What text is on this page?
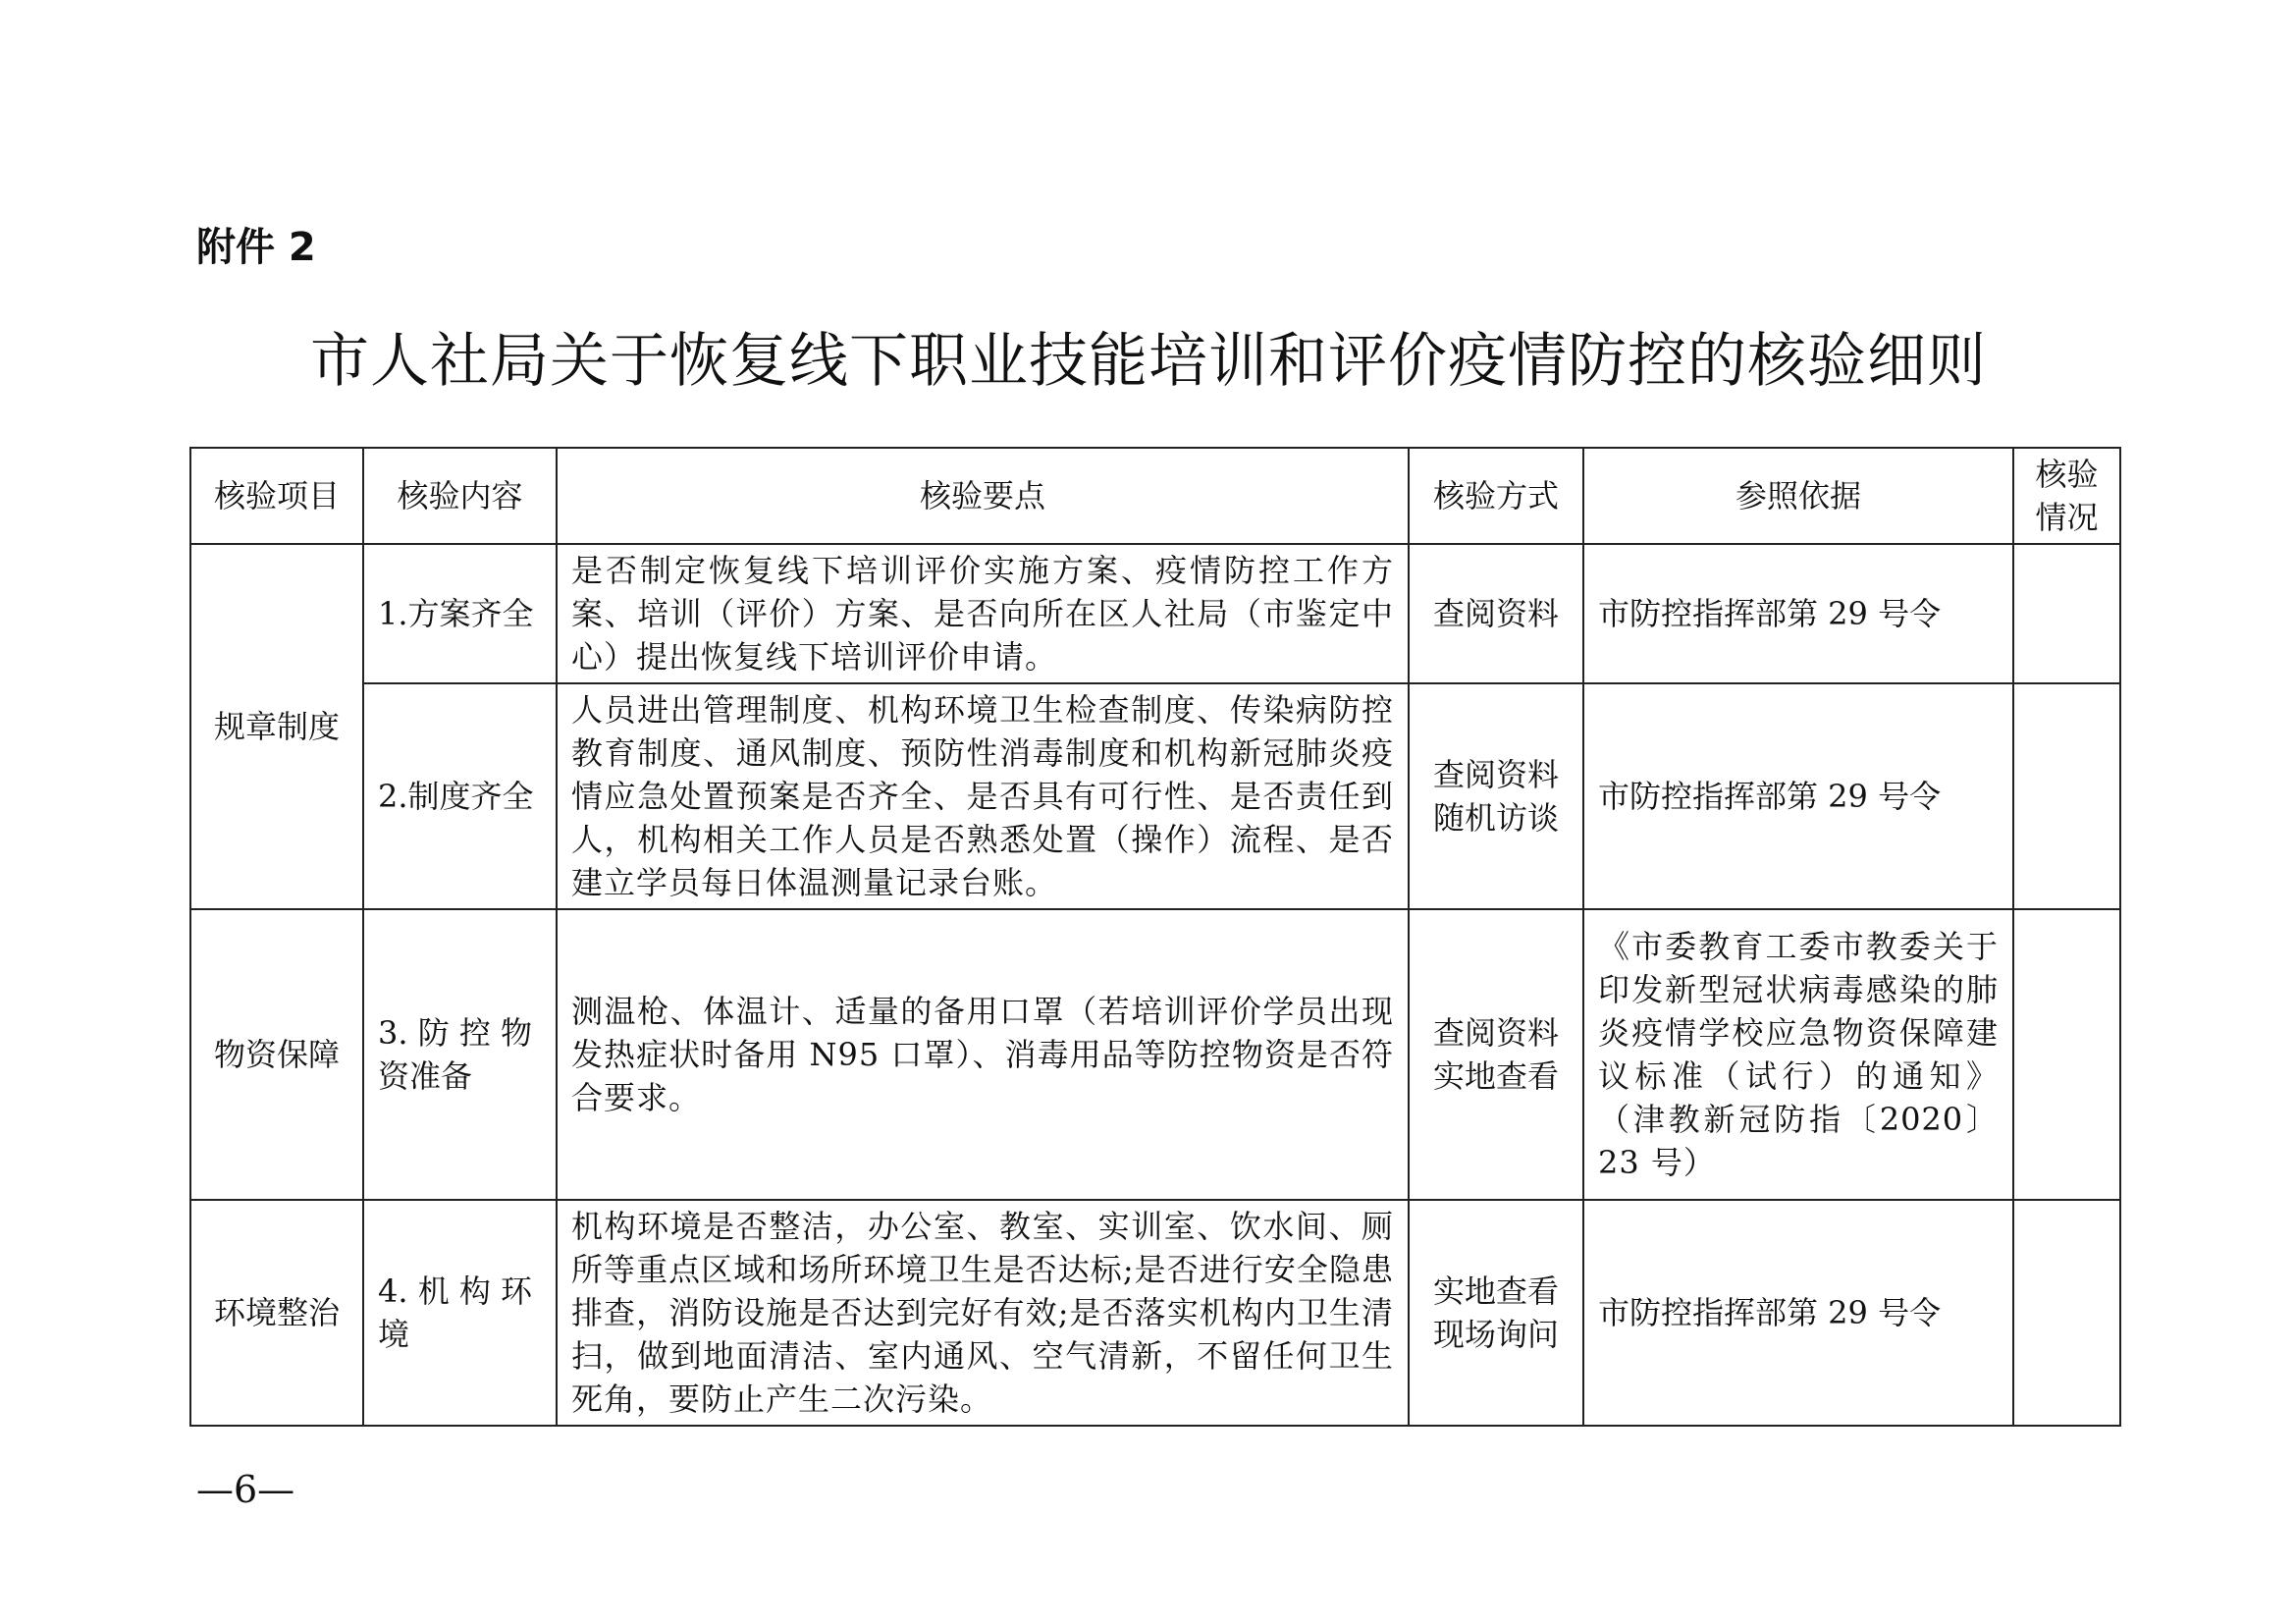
附件 2
市人社局关于恢复线下职业技能培训和评价疫情防控的核验细则
核验项目	核验内容	核验要点	核验方式	参照依据	核验情况
规章制度	1.方案齐全	是否制定恢复线下培训评价实施方案、疫情防控工作方案、培训（评价）方案、是否向所在区人社局（市鉴定中心）提出恢复线下培训评价申请。	查阅资料	市防控指挥部第 29 号令	
	2.制度齐全	人员进出管理制度、机构环境卫生检查制度、传染病防控教育制度、通风制度、预防性消毒制度和机构新冠肺炎疫情应急处置预案是否齐全、是否具有可行性、是否责任到人，机构相关工作人员是否熟悉处置（操作）流程、是否建立学员每日体温测量记录台账。	查阅资料随机访谈	市防控指挥部第 29 号令	
物资保障	3. 防 控 物资准备	测温枪、体温计、适量的备用口罩（若培训评价学员出现发热症状时备用 N95 口罩）、消毒用品等防控物资是否符合要求。	查阅资料实地查看	《市委教育工委市教委关于印发新型冠状病毒感染的肺炎疫情学校应急物资保障建议标准（试行）的通知》（津教新冠防指〔2020〕23 号）	
环境整治	4. 机 构 环境	机构环境是否整洁，办公室、教室、实训室、饮水间、厕所等重点区域和场所环境卫生是否达标;是否进行安全隐患排查，消防设施是否达到完好有效;是否落实机构内卫生清扫，做到地面清洁、室内通风、空气清新，不留任何卫生死角，要防止产生二次污染。	实地查看现场询问	市防控指挥部第 29 号令	
—6—
